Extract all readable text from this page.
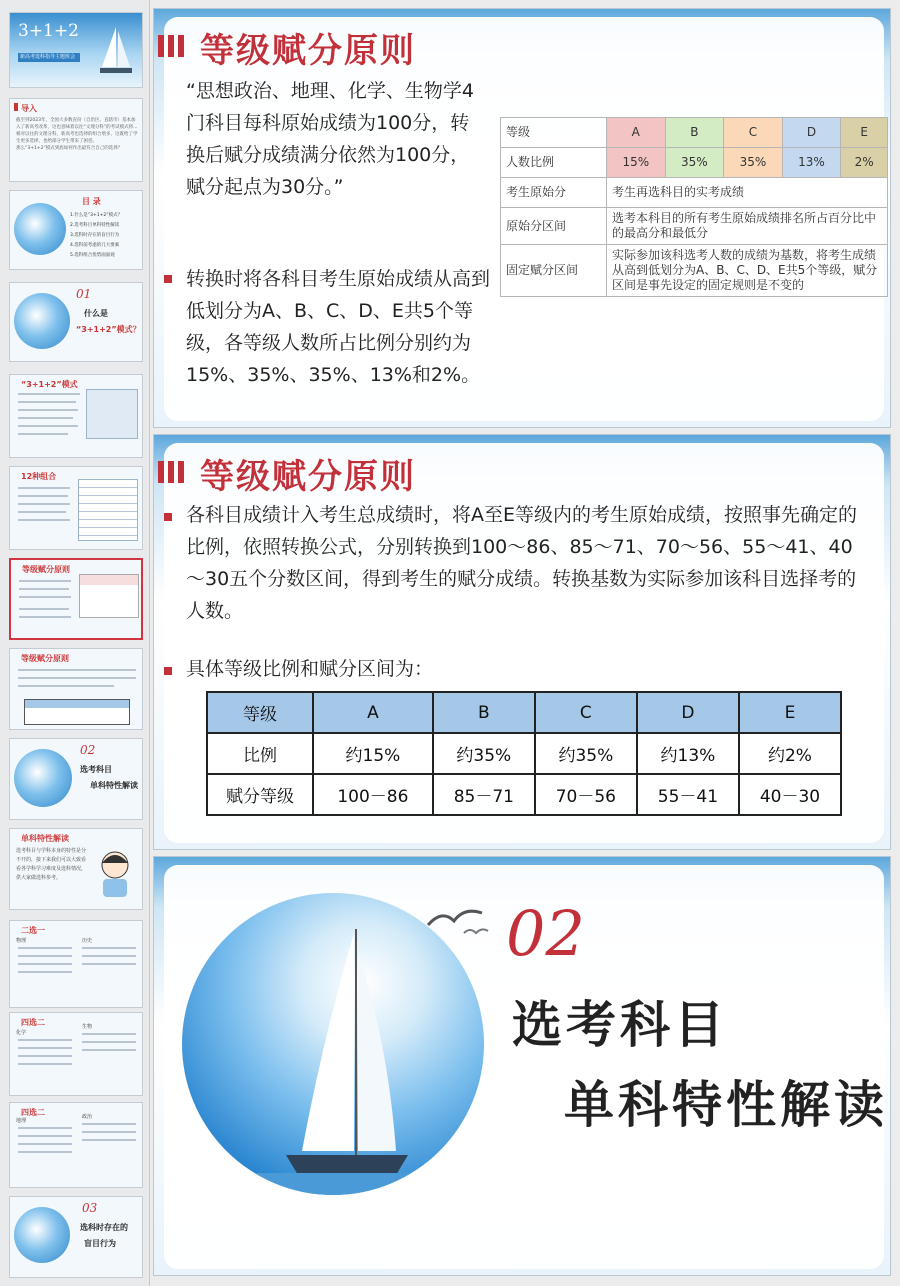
3+1+2
新高考选科指导主题班会
导入
截至到2023年，全国大多数省份（自治区、直辖市）基本加入了新高考改革，这也意味着以往“文理分科”的考试模式将...
相对以往的文理分科，新高考也选择的组合增多，这既给了学生更多选择，也给部分学生带来了困惑。
那么“3+1+2”模式到底如何作出最符合自己的选择？
目 录
1.什么是“3+1+2”模式？
2.选考科目单科特性解读
3.选科时存在的盲目行为
4.选科前考虑的几大要素
5.选科组合优势面面观
01
什么是
“3+1+2”模式？
“3+1+2”模式
12种组合
等级赋分原则
等级赋分原则
02
选考科目
单科特性解读
单科特性解读
选考科目与学科本身的特性是分不开的，接下来我们可以大致看看各学科学习难度及选科情况，供大家做选科参考。
二选一
物理	历史
四选二
化学
生物
四选二
地理
政治
03
选科时存在的
盲目行为
等级赋分原则
“思想政治、地理、化学、生物学4门科目每科原始成绩为100分，转换后赋分成绩满分依然为100分，赋分起点为30分。”
转换时将各科目考生原始成绩从高到低划分为A、B、C、D、E共5个等级，各等级人数所占比例分别约为15%、35%、35%、13%和2%。
等级	A	B	C	D	E
人数比例	15%	35%	35%	13%	2%
考生原始分	考生再选科目的实考成绩				
原始分区间	选考本科目的所有考生原始成绩排名所占百分比中的最高分和最低分				
固定赋分区间	实际参加该科选考人数的成绩为基数，将考生成绩从高到低划分为A、B、C、D、E共5个等级，赋分区间是事先设定的固定规则是不变的				
等级赋分原则
各科目成绩计入考生总成绩时，将A至E等级内的考生原始成绩，按照事先确定的比例，依照转换公式，分别转换到100～86、85～71、70～56、55～41、40～30五个分数区间，得到考生的赋分成绩。转换基数为实际参加该科目选择考的人数。
具体等级比例和赋分区间为：
等级	A	B	C	D	E
比例	约15%	约35%	约35%	约13%	约2%
赋分等级	100－86	85－71	70－56	55－41	40－30
02
选考科目
单科特性解读
